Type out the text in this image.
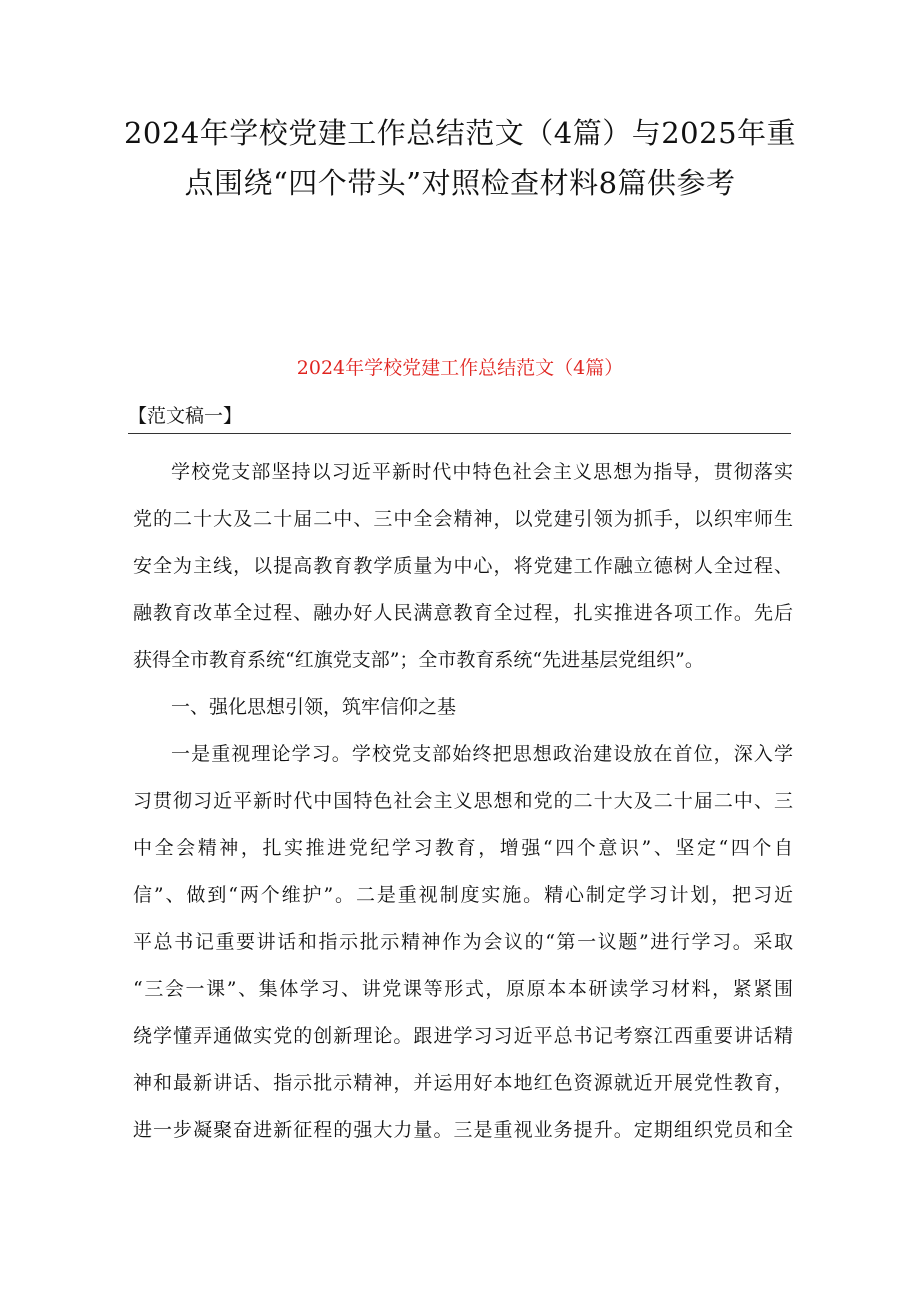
2024年学校党建工作总结范文（4篇）与2025年重
点围绕“四个带头”对照检查材料8篇供参考
2024年学校党建工作总结范文（4篇）
【范文稿一】
学校党支部坚持以习近平新时代中特色社会主义思想为指导，贯彻落实
党的二十大及二十届二中、三中全会精神，以党建引领为抓手，以织牢师生
安全为主线，以提高教育教学质量为中心，将党建工作融立德树人全过程、
融教育改革全过程、融办好人民满意教育全过程，扎实推进各项工作。先后
获得全市教育系统“红旗党支部”；全市教育系统“先进基层党组织”。
一、强化思想引领，筑牢信仰之基
一是重视理论学习。学校党支部始终把思想政治建设放在首位，深入学
习贯彻习近平新时代中国特色社会主义思想和党的二十大及二十届二中、三
中全会精神，扎实推进党纪学习教育，增强“四个意识”、坚定“四个自
信”、做到“两个维护”。二是重视制度实施。精心制定学习计划，把习近
平总书记重要讲话和指示批示精神作为会议的“第一议题”进行学习。采取
“三会一课”、集体学习、讲党课等形式，原原本本研读学习材料，紧紧围
绕学懂弄通做实党的创新理论。跟进学习习近平总书记考察江西重要讲话精
神和最新讲话、指示批示精神，并运用好本地红色资源就近开展党性教育，
进一步凝聚奋进新征程的强大力量。三是重视业务提升。定期组织党员和全
